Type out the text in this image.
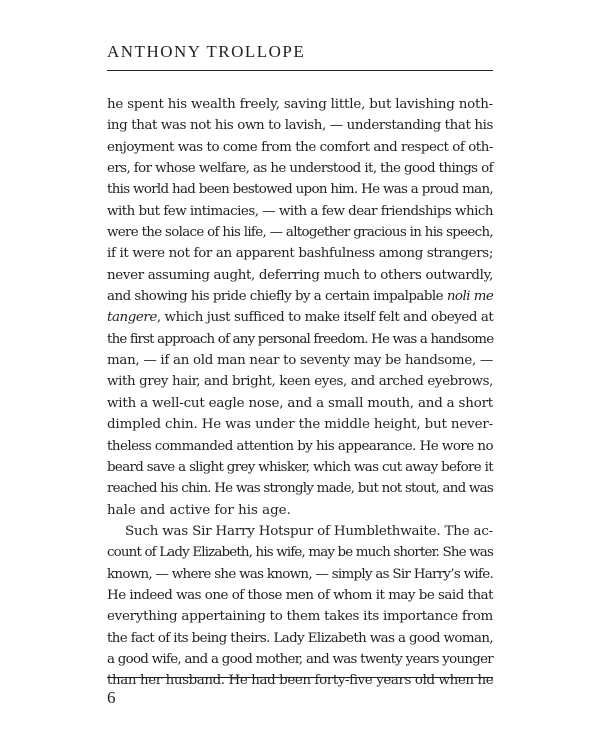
ANTHONY TROLLOPE
he spent his wealth freely, saving little, but lavishing noth-
ing that was not his own to lavish, — understanding that his
enjoyment was to come from the comfort and respect of oth-
ers, for whose welfare, as he understood it, the good things of
this world had been bestowed upon him. He was a proud man,
with but few intimacies, — with a few dear friendships which
were the solace of his life, — altogether gracious in his speech,
if it were not for an apparent bashfulness among strangers;
never assuming aught, deferring much to others outwardly,
and showing his pride chiefly by a certain impalpable noli me
tangere, which just sufficed to make itself felt and obeyed at
the first approach of any personal freedom. He was a handsome
man, — if an old man near to seventy may be handsome, —
with grey hair, and bright, keen eyes, and arched eyebrows,
with a well-cut eagle nose, and a small mouth, and a short
dimpled chin. He was under the middle height, but never-
theless commanded attention by his appearance. He wore no
beard save a slight grey whisker, which was cut away before it
reached his chin. He was strongly made, but not stout, and was
hale and active for his age.
Such was Sir Harry Hotspur of Humblethwaite. The ac-
count of Lady Elizabeth, his wife, may be much shorter. She was
known, — where she was known, — simply as Sir Harry’s wife.
He indeed was one of those men of whom it may be said that
everything appertaining to them takes its importance from
the fact of its being theirs. Lady Elizabeth was a good woman,
a good wife, and a good mother, and was twenty years younger
than her husband. He had been forty-five years old when he
6
